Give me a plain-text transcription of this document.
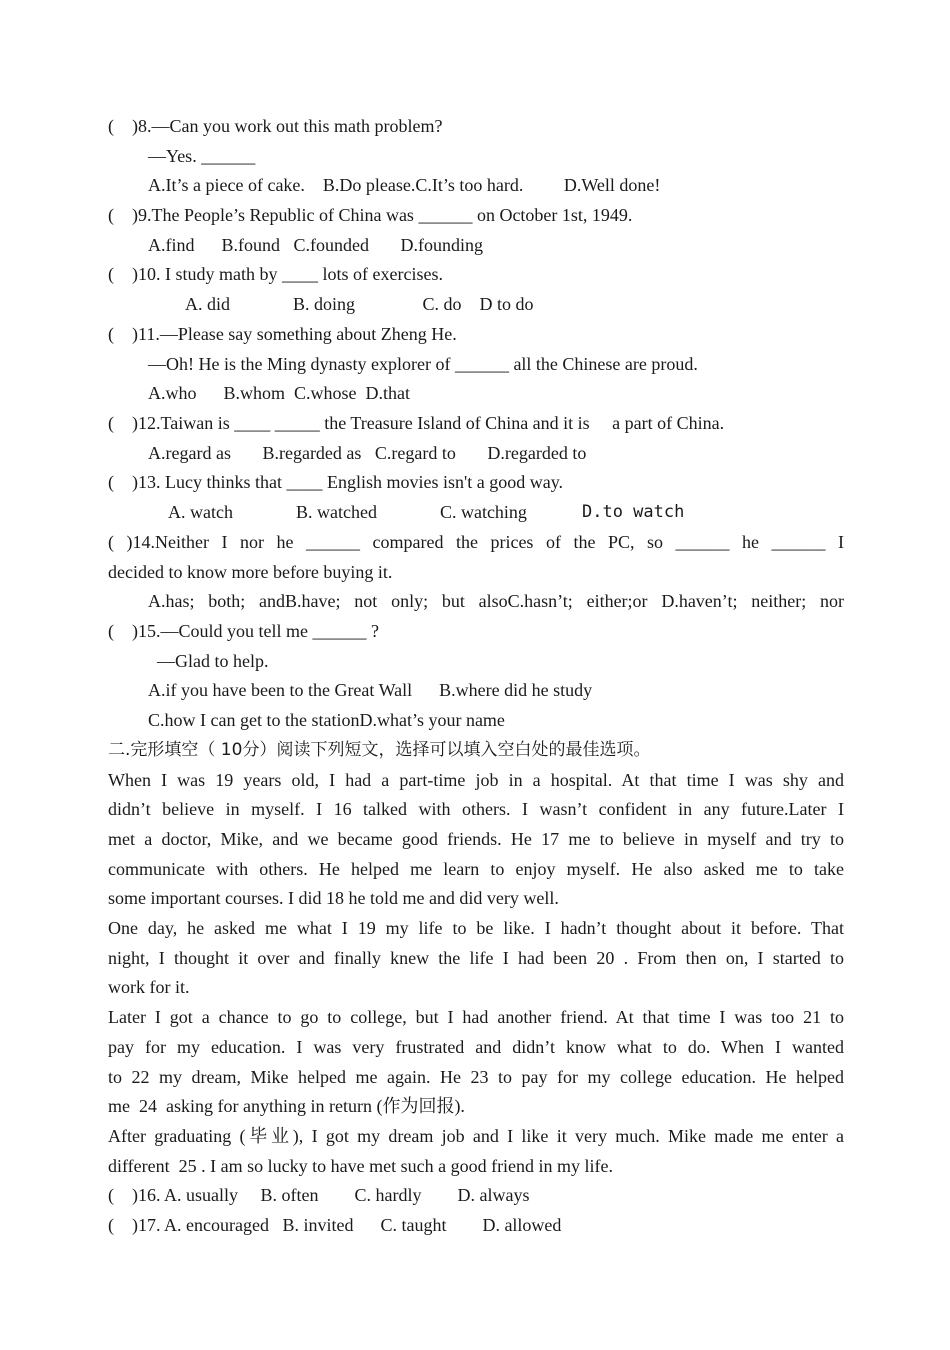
(    )8.—Can you work out this math problem?
—Yes. ______
A.It’s a piece of cake.    B.Do please.C.It’s too hard.         D.Well done!
(    )9.The People’s Republic of China was ______ on October 1st, 1949.
A.find      B.found   C.founded       D.founding
(    )10. I study math by ____ lots of exercises.
A. did              B. doing               C. do    D to do
(    )11.—Please say something about Zheng He.
—Oh! He is the Ming dynasty explorer of ______ all the Chinese are proud.
A.who      B.whom  C.whose  D.that
(    )12.Taiwan is ____ _____ the Treasure Island of China and it is     a part of China.
A.regard as       B.regarded as   C.regard to       D.regarded to
(    )13. Lucy thinks that ____ English movies isn't a good way.
A. watch              B. watched              C. watching	D.to watch
( )14.Neither I nor he ______ compared the prices of the PC, so ______ he ______ I
decided to know more before buying it.
A.has; both; andB.have; not only; but alsoC.hasn’t; either;or D.haven’t; neither; nor
(    )15.—Could you tell me ______ ?
—Glad to help.
A.if you have been to the Great Wall      B.where did he study
C.how I can get to the stationD.what’s your name
二.完形填空（ 10分）阅读下列短文，选择可以填入空白处的最佳选项。
When I was 19 years old, I had a part-time job in a hospital. At that time I was shy and
didn’t believe in myself. I 16 talked with others. I wasn’t confident in any future.Later I
met a doctor, Mike, and we became good friends. He 17 me to believe in myself and try to
communicate with others. He helped me learn to enjoy myself. He also asked me to take
some important courses. I did 18 he told me and did very well.
One day, he asked me what I 19 my life to be like. I hadn’t thought about it before. That
night, I thought it over and finally knew the life I had been 20 . From then on, I started to
work for it.
Later I got a chance to go to college, but I had another friend. At that time I was too 21 to
pay for my education. I was very frustrated and didn’t know what to do. When I wanted
to 22 my dream, Mike helped me again. He 23 to pay for my college education. He helped
me  24  asking for anything in return (作为回报).
After graduating (毕业), I got my dream job and I like it very much. Mike made me enter a
different  25 . I am so lucky to have met such a good friend in my life.
(    )16. A. usually     B. often        C. hardly        D. always
(    )17. A. encouraged   B. invited      C. taught        D. allowed
